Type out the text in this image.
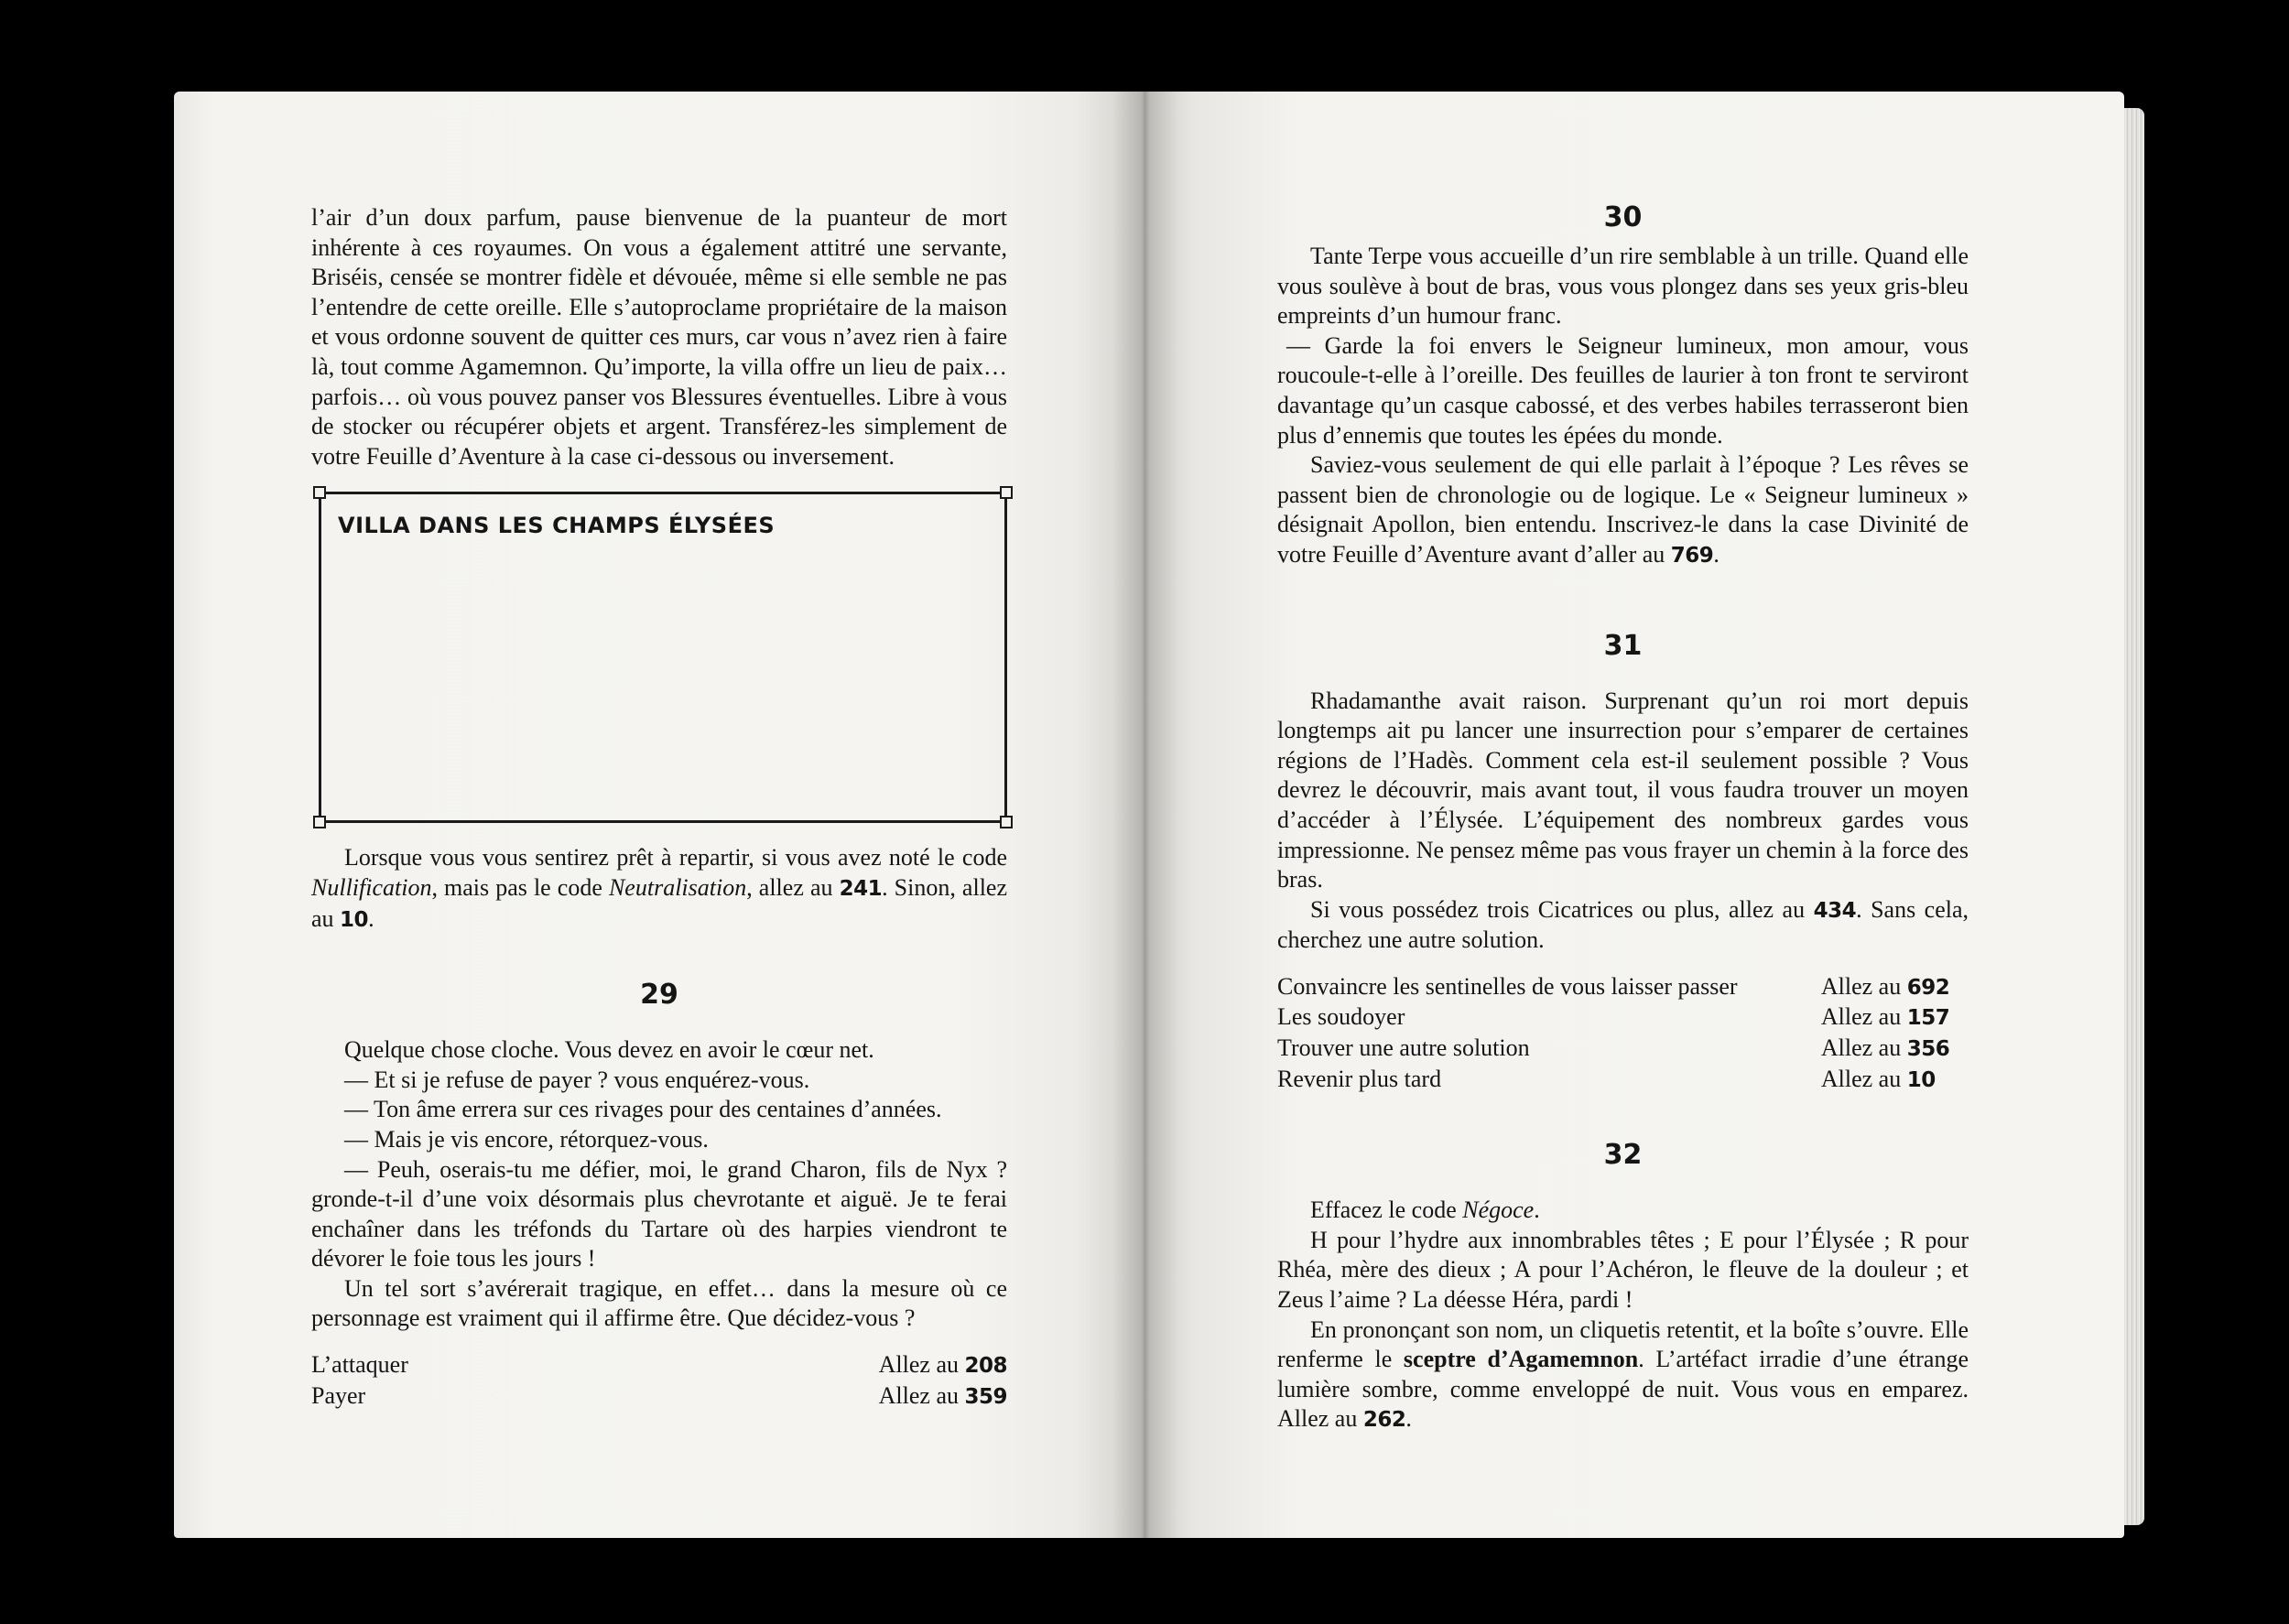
l’air d’un doux parfum, pause bienvenue de la puanteur de mort inhérente à ces royaumes. On vous a également attitré une servante, Briséis, censée se montrer fidèle et dévouée, même si elle semble ne pas l’entendre de cette oreille. Elle s’autoproclame propriétaire de la maison et vous ordonne souvent de quitter ces murs, car vous n’avez rien à faire là, tout comme Agamemnon. Qu’importe, la villa offre un lieu de paix… parfois… où vous pouvez panser vos Blessures éventuelles. Libre à vous de stocker ou récupérer objets et argent. Transférez-les simplement de votre Feuille d’Aventure à la case ci-dessous ou inversement.

VILLA DANS LES CHAMPS ÉLYSÉES

Lorsque vous vous sentirez prêt à repartir, si vous avez noté le code Nullification, mais pas le code Neutralisation, allez au 241. Sinon, allez au 10.

29

Quelque chose cloche. Vous devez en avoir le cœur net.

— Et si je refuse de payer ? vous enquérez-vous.

— Ton âme errera sur ces rivages pour des centaines d’années.

— Mais je vis encore, rétorquez-vous.

— Peuh, oserais-tu me défier, moi, le grand Charon, fils de Nyx ? gronde-t-il d’une voix désormais plus chevrotante et aiguë. Je te ferai enchaîner dans les tréfonds du Tartare où des harpies viendront te dévorer le foie tous les jours !

Un tel sort s’avérerait tragique, en effet… dans la mesure où ce personnage est vraiment qui il affirme être. Que décidez-vous ?

L’attaquer	Allez au 208
Payer	Allez au 359
30

Tante Terpe vous accueille d’un rire semblable à un trille. Quand elle vous soulève à bout de bras, vous vous plongez dans ses yeux gris-bleu empreints d’un humour franc.

— Garde la foi envers le Seigneur lumineux, mon amour, vous roucoule-t-elle à l’oreille. Des feuilles de laurier à ton front te serviront davantage qu’un casque cabossé, et des verbes habiles terrasseront bien plus d’ennemis que toutes les épées du monde.

Saviez-vous seulement de qui elle parlait à l’époque ? Les rêves se passent bien de chronologie ou de logique. Le « Seigneur lumineux » désignait Apollon, bien entendu. Inscrivez-le dans la case Divinité de votre Feuille d’Aventure avant d’aller au 769.

31

Rhadamanthe avait raison. Surprenant qu’un roi mort depuis longtemps ait pu lancer une insurrection pour s’emparer de certaines régions de l’Hadès. Comment cela est-il seulement possible ? Vous devrez le découvrir, mais avant tout, il vous faudra trouver un moyen d’accéder à l’Élysée. L’équipement des nombreux gardes vous impressionne. Ne pensez même pas vous frayer un chemin à la force des bras.

Si vous possédez trois Cicatrices ou plus, allez au 434. Sans cela, cherchez une autre solution.

Convaincre les sentinelles de vous laisser passer	Allez au 692
Les soudoyer	Allez au 157
Trouver une autre solution	Allez au 356
Revenir plus tard	Allez au 10
32

Effacez le code Négoce.

H pour l’hydre aux innombrables têtes ; E pour l’Élysée ; R pour Rhéa, mère des dieux ; A pour l’Achéron, le fleuve de la douleur ; et Zeus l’aime ? La déesse Héra, pardi !

En prononçant son nom, un cliquetis retentit, et la boîte s’ouvre. Elle renferme le sceptre d’Agamemnon. L’artéfact irradie d’une étrange lumière sombre, comme enveloppé de nuit. Vous vous en emparez. Allez au 262.
